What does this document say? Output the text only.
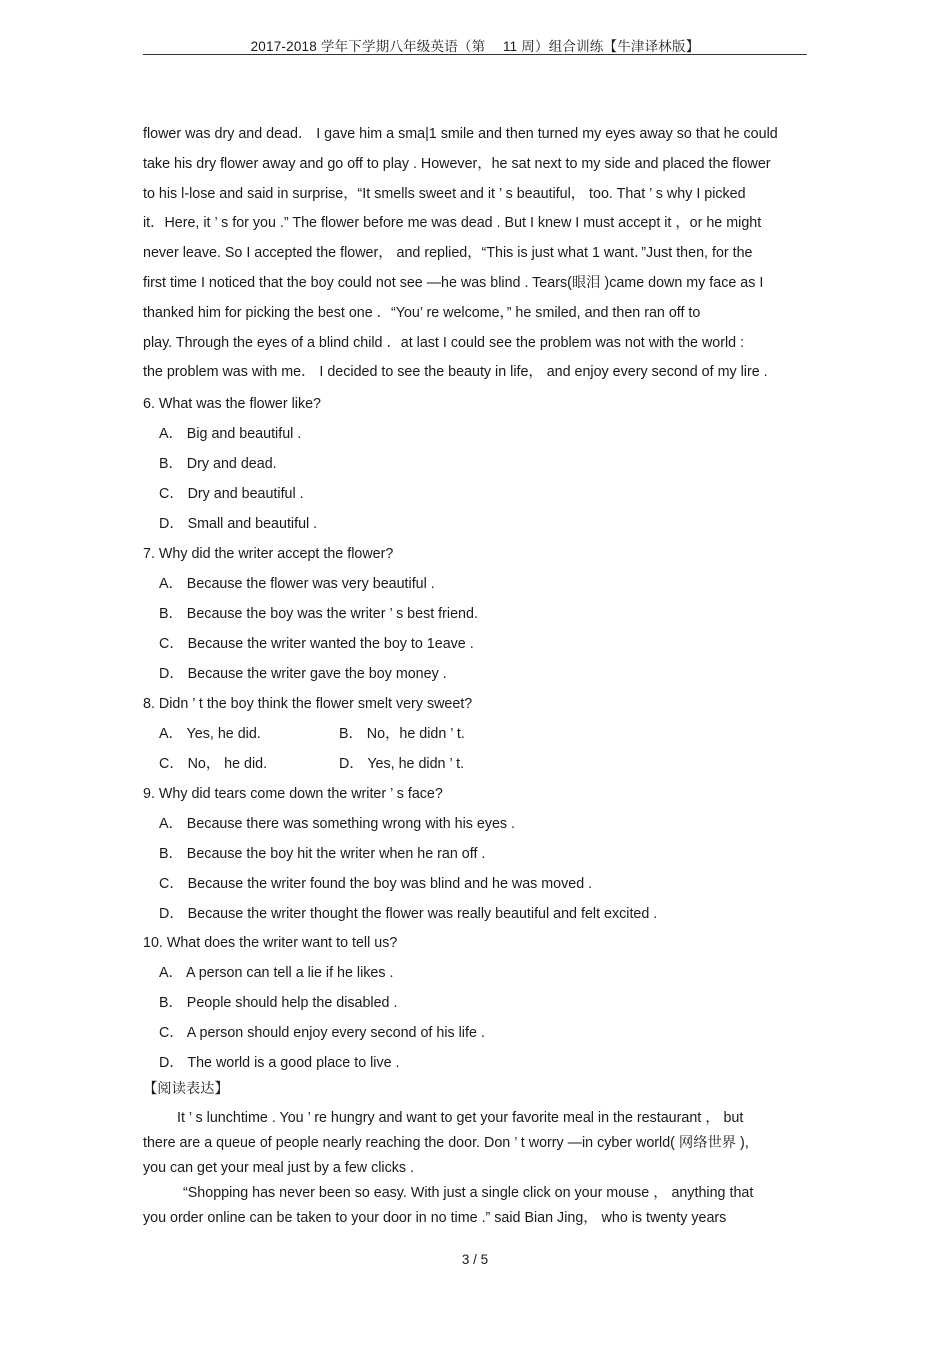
2017-2018 学年下学期八年级英语（第　 11 周）组合训练【牛津译林版】
flower was dry and dead． I gave him a sma|1 smile and then turned my eyes away so that he could
take his dry flower away and go off to play . However，he sat next to my side and placed the flower
to his l-lose and said in surprise，“It smells sweet and it ’ s beautiful， too. That ’ s why I picked
it．Here, it ’ s for you .” The flower before me was dead . But I knew I must accept it ，or he might
never leave. So I accepted the flower， and replied，“This is just what 1 want．”Just then, for the
first time I noticed that the boy could not see —he was blind . Tears(眼泪 )came down my face as I
thanked him for picking the best one ．“You’ re welcome，” he smiled, and then ran off to
play. Through the eyes of a blind child ．at last I could see the problem was not with the world :
the problem was with me． I decided to see the beauty in life， and enjoy every second of my lire .
6. What was the flower like?
A． Big and beautiful .
B． Dry and dead.
C． Dry and beautiful .
D． Small and beautiful .
7. Why did the writer accept the flower?
A． Because the flower was very beautiful .
B． Because the boy was the writer ’ s best friend.
C． Because the writer wanted the boy to 1eave .
D． Because the writer gave the boy money .
8. Didn ’ t the boy think the flower smelt very sweet?
A． Yes, he did.	B． No，he didn ’ t.
C． No， he did.	D． Yes, he didn ’ t.
9. Why did tears come down the writer ’ s face?
A． Because there was something wrong with his eyes .
B． Because the boy hit the writer when he ran off .
C． Because the writer found the boy was blind and he was moved .
D． Because the writer thought the flower was really beautiful and felt excited .
10. What does the writer want to tell us?
A． A person can tell a lie if he likes .
B． People should help the disabled .
C． A person should enjoy every second of his life .
D． The world is a good place to live .
【阅读表达】
It ’ s lunchtime . You ’ re hungry and want to get your favorite meal in the restaurant ， but
there are a queue of people nearly reaching the door. Don ’ t worry —in cyber world( 网络世界 ),
you can get your meal just by a few clicks .
“Shopping has never been so easy. With just a single click on your mouse ， anything that
you order online can be taken to your door in no time .” said Bian Jing， who is twenty years
3 / 5
